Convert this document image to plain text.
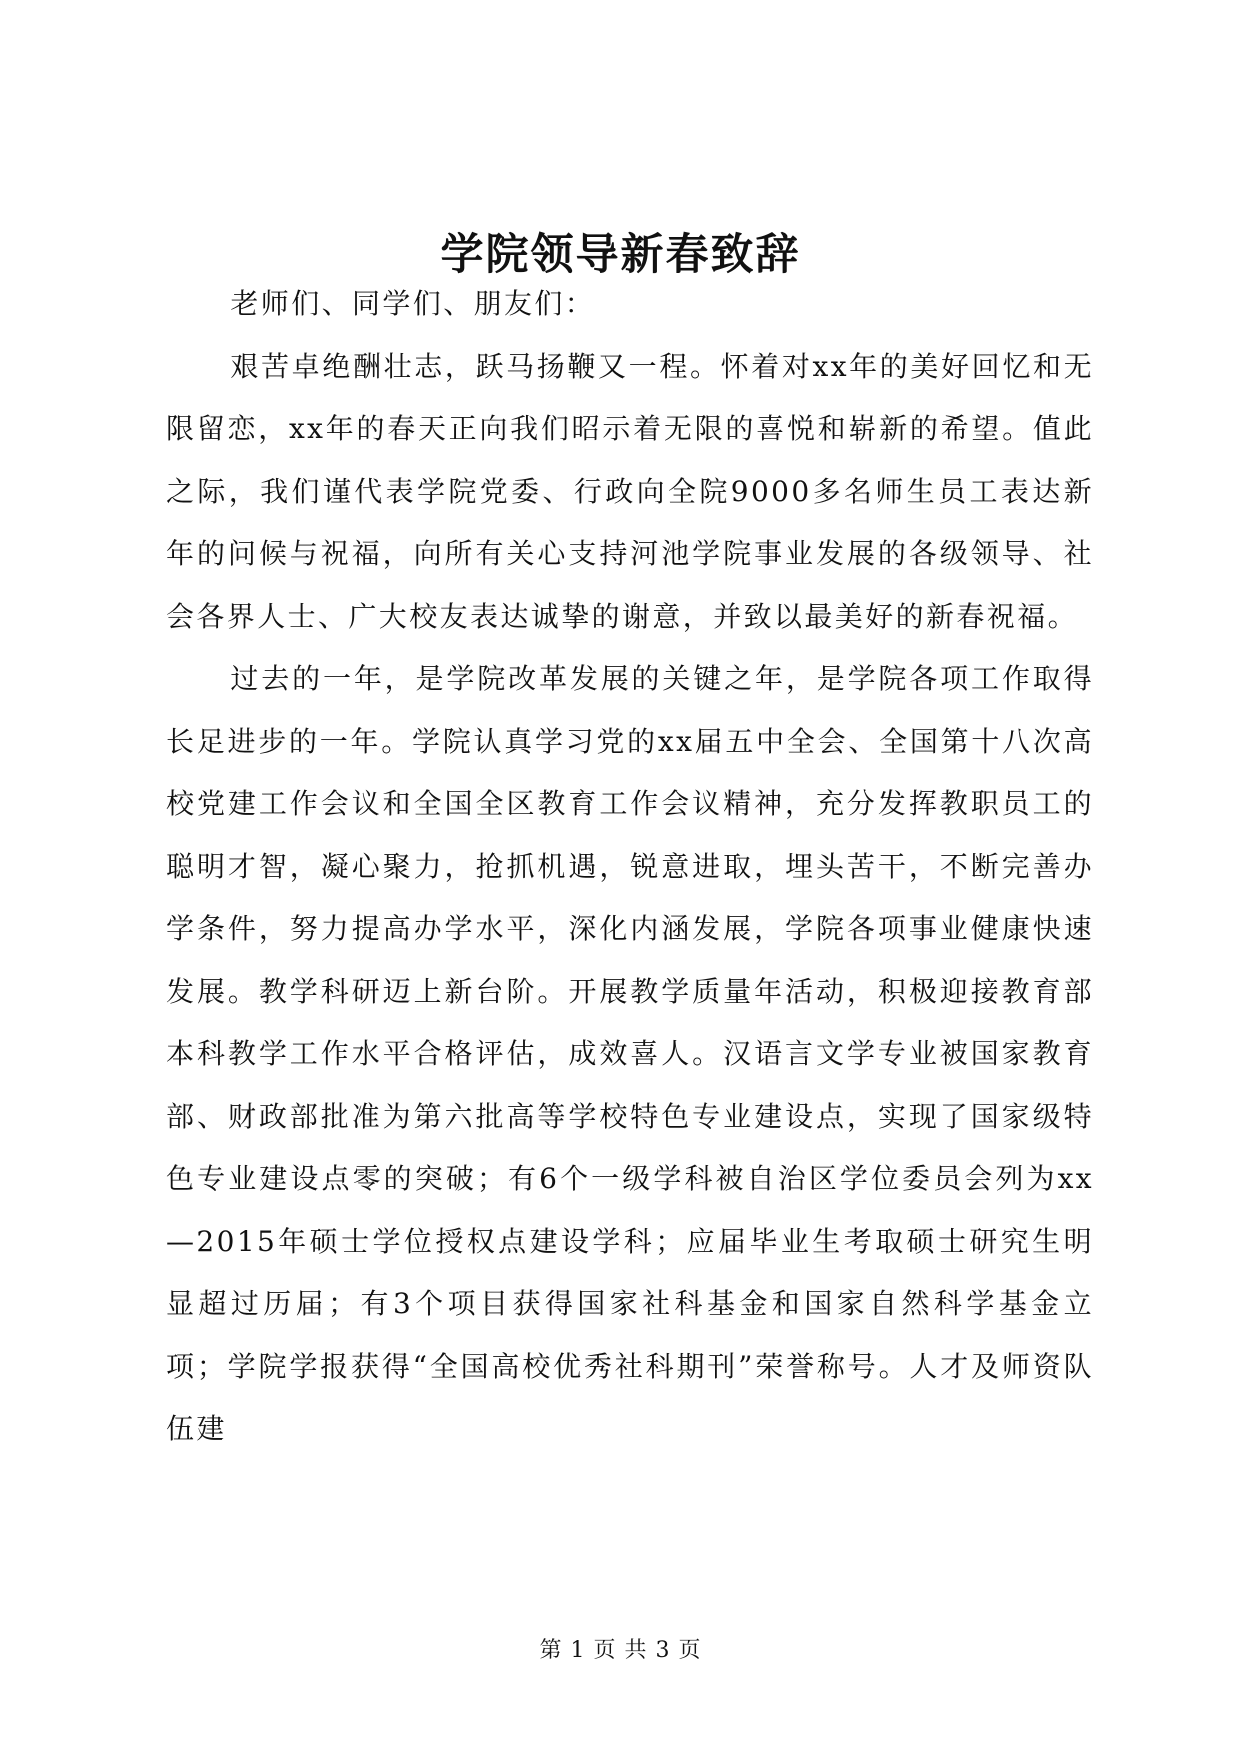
学院领导新春致辞

老师们、同学们、朋友们：

艰苦卓绝酬壮志，跃马扬鞭又一程。怀着对xx年的美好回忆和无限留恋，xx年的春天正向我们昭示着无限的喜悦和崭新的希望。值此之际，我们谨代表学院党委、行政向全院9000多名师生员工表达新年的问候与祝福，向所有关心支持河池学院事业发展的各级领导、社会各界人士、广大校友表达诚挚的谢意，并致以最美好的新春祝福。

过去的一年，是学院改革发展的关键之年，是学院各项工作取得长足进步的一年。学院认真学习党的xx届五中全会、全国第十八次高校党建工作会议和全国全区教育工作会议精神，充分发挥教职员工的聪明才智，凝心聚力，抢抓机遇，锐意进取，埋头苦干，不断完善办学条件，努力提高办学水平，深化内涵发展，学院各项事业健康快速发展。教学科研迈上新台阶。开展教学质量年活动，积极迎接教育部本科教学工作水平合格评估，成效喜人。汉语言文学专业被国家教育部、财政部批准为第六批高等学校特色专业建设点，实现了国家级特色专业建设点零的突破；有6个一级学科被自治区学位委员会列为xx—2015年硕士学位授权点建设学科；应届毕业生考取硕士研究生明显超过历届；有3个项目获得国家社科基金和国家自然科学基金立项；学院学报获得“全国高校优秀社科期刊”荣誉称号。人才及师资队伍建

第 1 页 共 3 页
